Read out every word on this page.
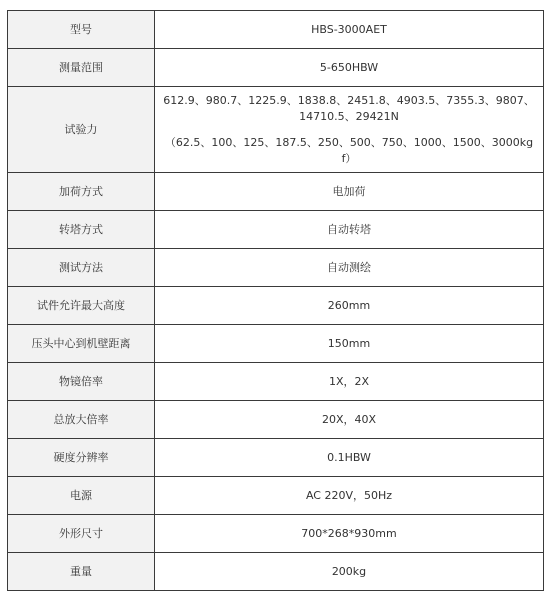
型号	HBS-3000AET
测量范围	5-650HBW
试验力	612.9、980.7、1225.9、1838.8、2451.8、4903.5、7355.3、9807、14710.5、29421N
（62.5、100、125、187.5、250、500、750、1000、1500、3000kgf）

加荷方式	电加荷
转塔方式	自动转塔
测试方法	自动测绘
试件允许最大高度	260mm
压头中心到机壁距离	150mm
物镜倍率	1X，2X
总放大倍率	20X，40X
硬度分辨率	0.1HBW
电源	AC 220V，50Hz
外形尺寸	700*268*930mm
重量	200kg
